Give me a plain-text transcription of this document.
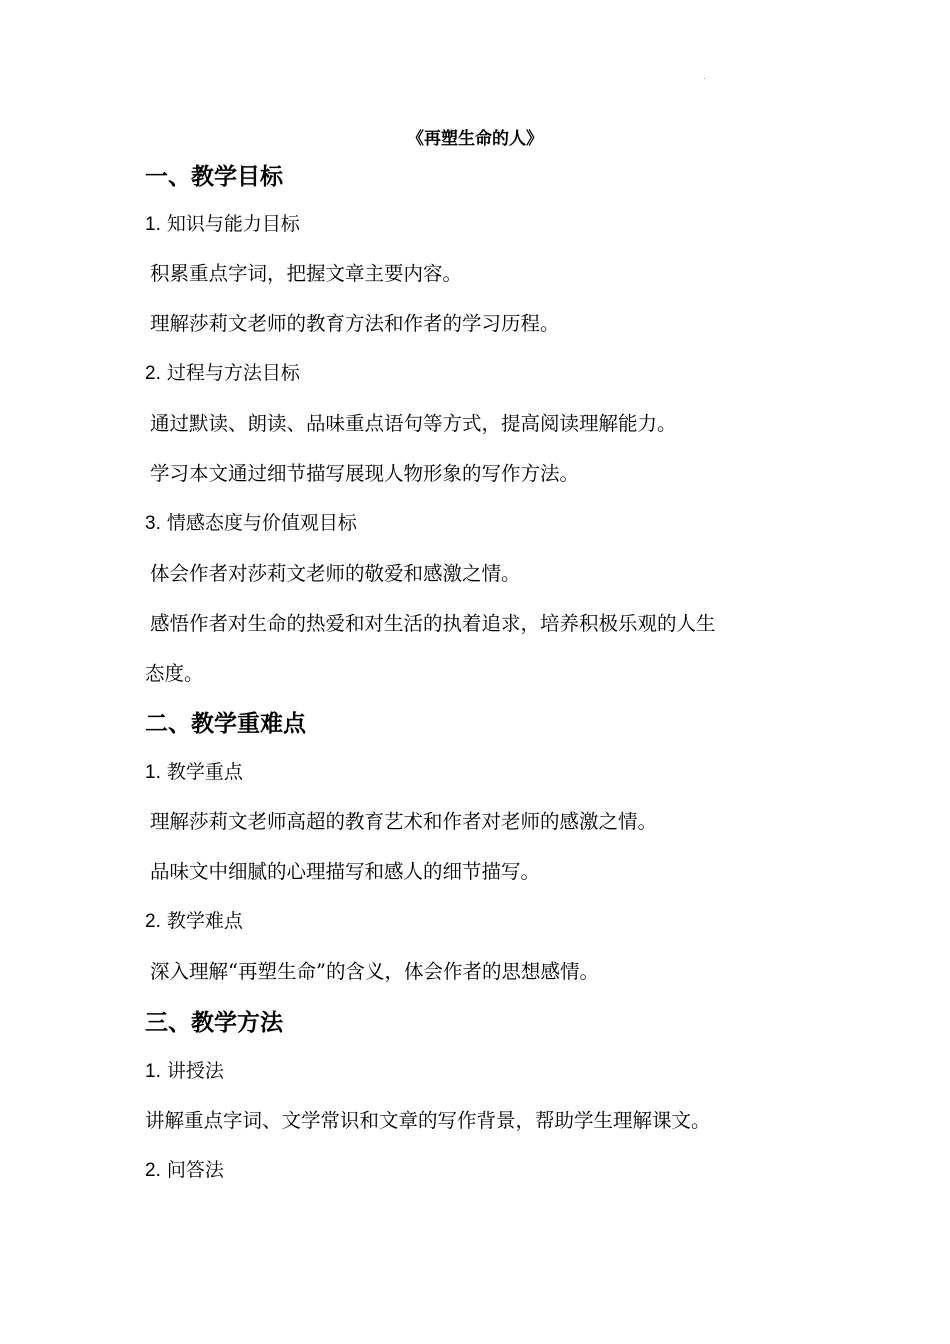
《再塑生命的人》
一、教学目标
1. 知识与能力目标
积累重点字词，把握文章主要内容。
理解莎莉文老师的教育方法和作者的学习历程。
2. 过程与方法目标
通过默读、朗读、品味重点语句等方式，提高阅读理解能力。
学习本文通过细节描写展现人物形象的写作方法。
3. 情感态度与价值观目标
体会作者对莎莉文老师的敬爱和感激之情。
感悟作者对生命的热爱和对生活的执着追求，培养积极乐观的人生
态度。
二、教学重难点
1. 教学重点
理解莎莉文老师高超的教育艺术和作者对老师的感激之情。
品味文中细腻的心理描写和感人的细节描写。
2. 教学难点
深入理解“再塑生命”的含义，体会作者的思想感情。
三、教学方法
1. 讲授法
讲解重点字词、文学常识和文章的写作背景，帮助学生理解课文。
2. 问答法
